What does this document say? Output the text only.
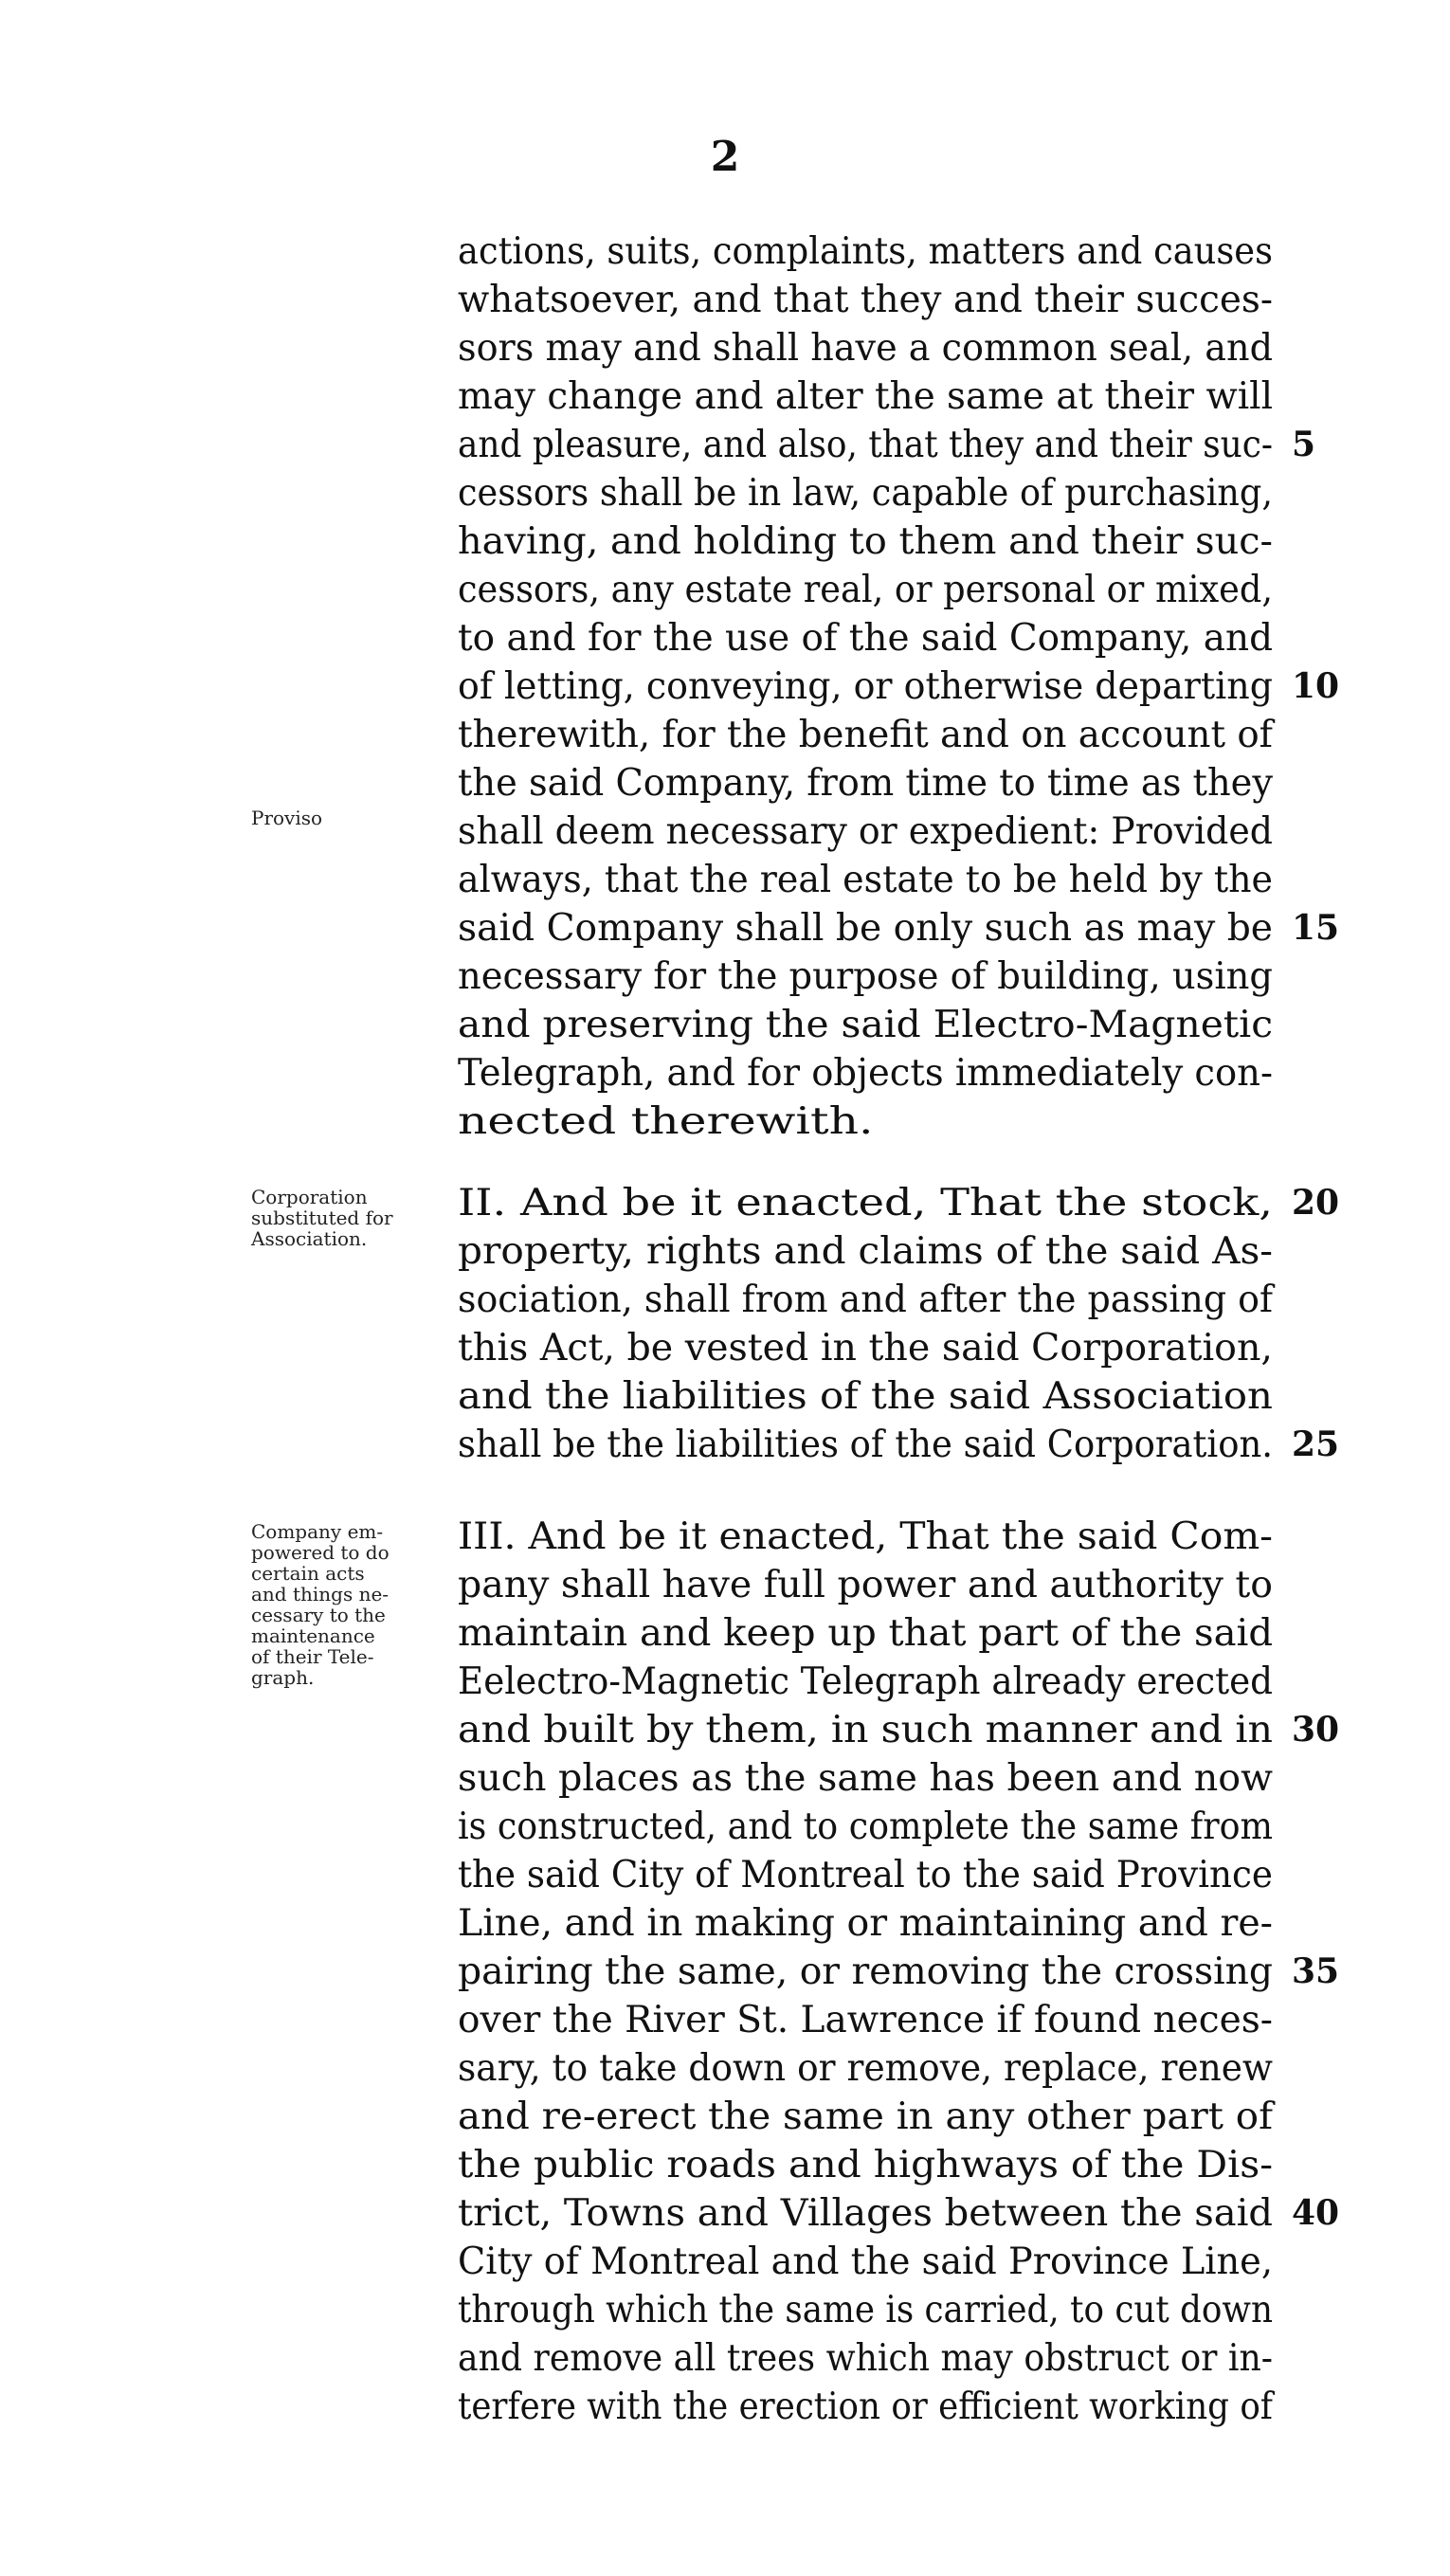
2
actions, suits, complaints, matters and causes
whatsoever, and that they and their succes-
sors may and shall have a common seal, and
may change and alter the same at their will
and pleasure, and also, that they and their suc- 5
cessors shall be in law, capable of purchasing,
having, and holding to them and their suc-
cessors, any estate real, or personal or mixed,
to and for the use of the said Company, and
of letting, conveying, or otherwise departing 10
therewith, for the benefit and on account of
the said Company, from time to time as they
shall deem necessary or expedient: Provided
always, that the real estate to be held by the
said Company shall be only such as may be 15
necessary for the purpose of building, using
and preserving the said Electro-Magnetic
Telegraph, and for objects immediately con-
nected therewith.
II. And be it enacted, That the stock, 20
property, rights and claims of the said As-
sociation, shall from and after the passing of
this Act, be vested in the said Corporation,
and the liabilities of the said Association
shall be the liabilities of the said Corporation. 25
III. And be it enacted, That the said Com-
pany shall have full power and authority to
maintain and keep up that part of the said
Eelectro-Magnetic Telegraph already erected
and built by them, in such manner and in 30
such places as the same has been and now
is constructed, and to complete the same from
the said City of Montreal to the said Province
Line, and in making or maintaining and re-
pairing the same, or removing the crossing 35
over the River St. Lawrence if found neces-
sary, to take down or remove, replace, renew
and re-erect the same in any other part of
the public roads and highways of the Dis-
trict, Towns and Villages between the said 40
City of Montreal and the said Province Line,
through which the same is carried, to cut down
and remove all trees which may obstruct or in-
terfere with the erection or efficient working of
Proviso
Corporation
substituted for
Association.
Company em-
powered to do
certain acts
and things ne-
cessary to the
maintenance
of their Tele-
graph.
